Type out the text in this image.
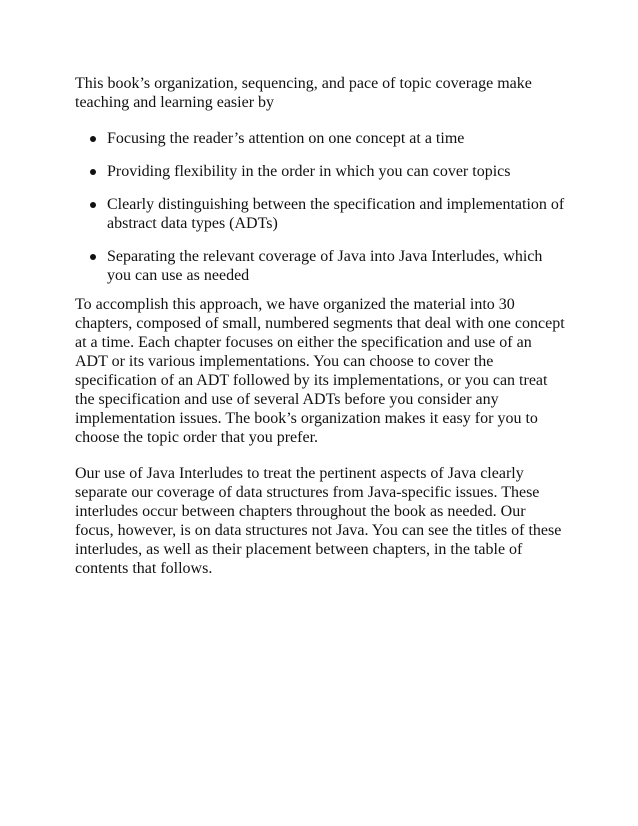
This book’s organization, sequencing, and pace of topic coverage make teaching and learning easier by

Focusing the reader’s attention on one concept at a time
Providing flexibility in the order in which you can cover topics
Clearly distinguishing between the specification and implementation of abstract data types (ADTs)
Separating the relevant coverage of Java into Java Interludes, which you can use as needed

To accomplish this approach, we have organized the material into 30 chapters, composed of small, numbered segments that deal with one concept at a time. Each chapter focuses on either the specification and use of an ADT or its various implementations. You can choose to cover the specification of an ADT followed by its implementations, or you can treat the specification and use of several ADTs before you consider any implementation issues. The book’s organization makes it easy for you to choose the topic order that you prefer.

Our use of Java Interludes to treat the pertinent aspects of Java clearly separate our coverage of data structures from Java-specific issues. These interludes occur between chapters throughout the book as needed. Our focus, however, is on data structures not Java. You can see the titles of these interludes, as well as their placement between chapters, in the table of contents that follows.
